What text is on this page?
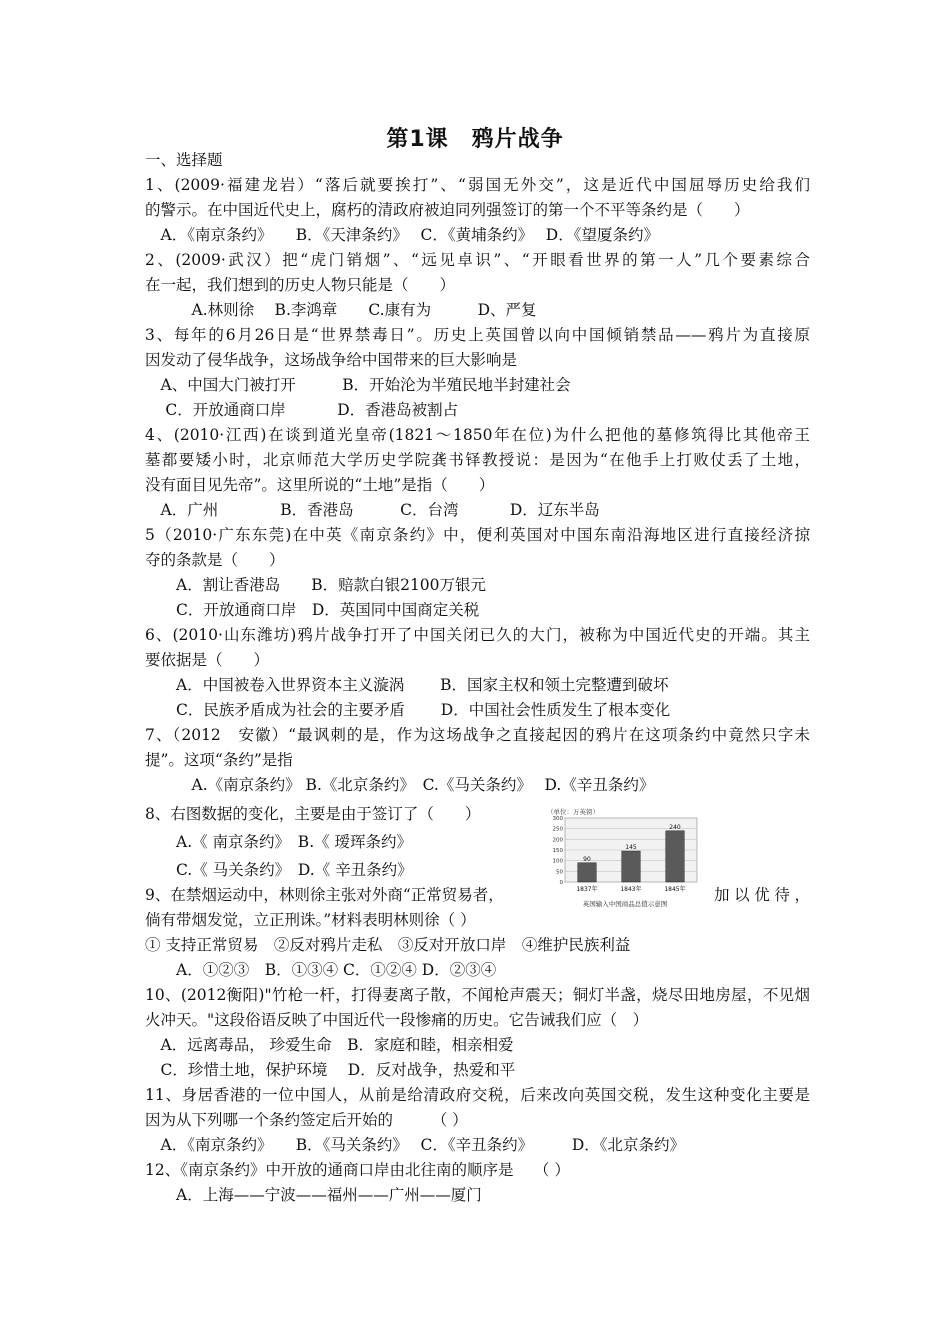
第1课　鸦片战争
一、选择题
1、(2009·福建龙岩）“落后就要挨打”、“弱国无外交”，这是近代中国屈辱历史给我们
的警示。在中国近代史上，腐朽的清政府被迫同列强签订的第一个不平等条约是（　　）
　A．《南京条约》　　B．《天津条约》　 C．《黄埔条约》　 D．《望厦条约》
2、(2009·武汉）把“虎门销烟”、“远见卓识”、“开眼看世界的第一人”几个要素综合
在一起，我们想到的历史人物只能是（　　）
　　　A.林则徐　 B.李鸿章　　C.康有为　　　D、严复
3、每年的6月26日是“世界禁毒日”。历史上英国曾以向中国倾销禁品——鸦片为直接原
因发动了侵华战争，这场战争给中国带来的巨大影响是
　A、中国大门被打开　　　B．开始沦为半殖民地半封建社会
　 C．开放通商口岸　　　 D．香港岛被割占
4、(2010·江西)在谈到道光皇帝(1821～1850年在位)为什么把他的墓修筑得比其他帝王
墓都要矮小时，北京师范大学历史学院龚书铎教授说：是因为“在他手上打败仗丢了土地，
没有面目见先帝”。这里所说的“土地”是指（　　）
　A．广州　　　　B．香港岛　　　C．台湾　　　 D．辽东半岛
5（2010·广东东莞)在中英《南京条约》中，便利英国对中国东南沿海地区进行直接经济掠
夺的条款是（　　）
　　A．割让香港岛　　B．赔款白银2100万银元
　　C．开放通商口岸　D．英国同中国商定关税
6、(2010·山东潍坊)鸦片战争打开了中国关闭已久的大门，被称为中国近代史的开端。其主
要依据是（　　）
　　A．中国被卷入世界资本主义漩涡　　 B．国家主权和领土完整遭到破坏
　　C．民族矛盾成为社会的主要矛盾　　 D．中国社会性质发生了根本变化
7、（2012　安徽）“最讽刺的是，作为这场战争之直接起因的鸦片在这项条约中竟然只字未
提”。这项“条约”是指
　　　A.《南京条约》 B.《北京条约》　C.《马关条约》　 D.《辛丑条约》
8、右图数据的变化，主要是由于签订了（　　）
　　A.《 南京条约》　B.《 瑷珲条约》
　　C.《 马关条约》　D.《 辛丑条约》
（单位：万英镑）
0
50
100
150
200
250
300
90
1837年
145
1843年
240
1845年
英国输入中国商品总值示意图
9、在禁烟运动中，林则徐主张对外商“正常贸易者，	加以优待，
倘有带烟发觉，立正刑诛。”材料表明林则徐（ ）
① 支持正常贸易　②反对鸦片走私　③反对开放口岸　④维护民族利益
　　A．①②③　B．①③④ C．①②④ D．②③④
10、(2012衡阳)"竹枪一杆，打得妻离子散，不闻枪声震天；铜灯半盏，烧尽田地房屋，不见烟
火冲天。"这段俗语反映了中国近代一段惨痛的历史。它告诫我们应（　）
　A．远离毒品， 珍爱生命　B．家庭和睦，相亲相爱
　C．珍惜土地，保护环境　 D．反对战争，热爱和平
11、身居香港的一位中国人，从前是给清政府交税，后来改向英国交税，发生这种变化主要是
因为从下列哪一个条约签定后开始的　　　（ ）
　A．《南京条约》　　B．《马关条约》　 C．《辛丑条约》　　　D．《北京条约》
12、《南京条约》中开放的通商口岸由北往南的顺序是　 （ ）
　　A．上海——宁波——福州——广州——厦门
